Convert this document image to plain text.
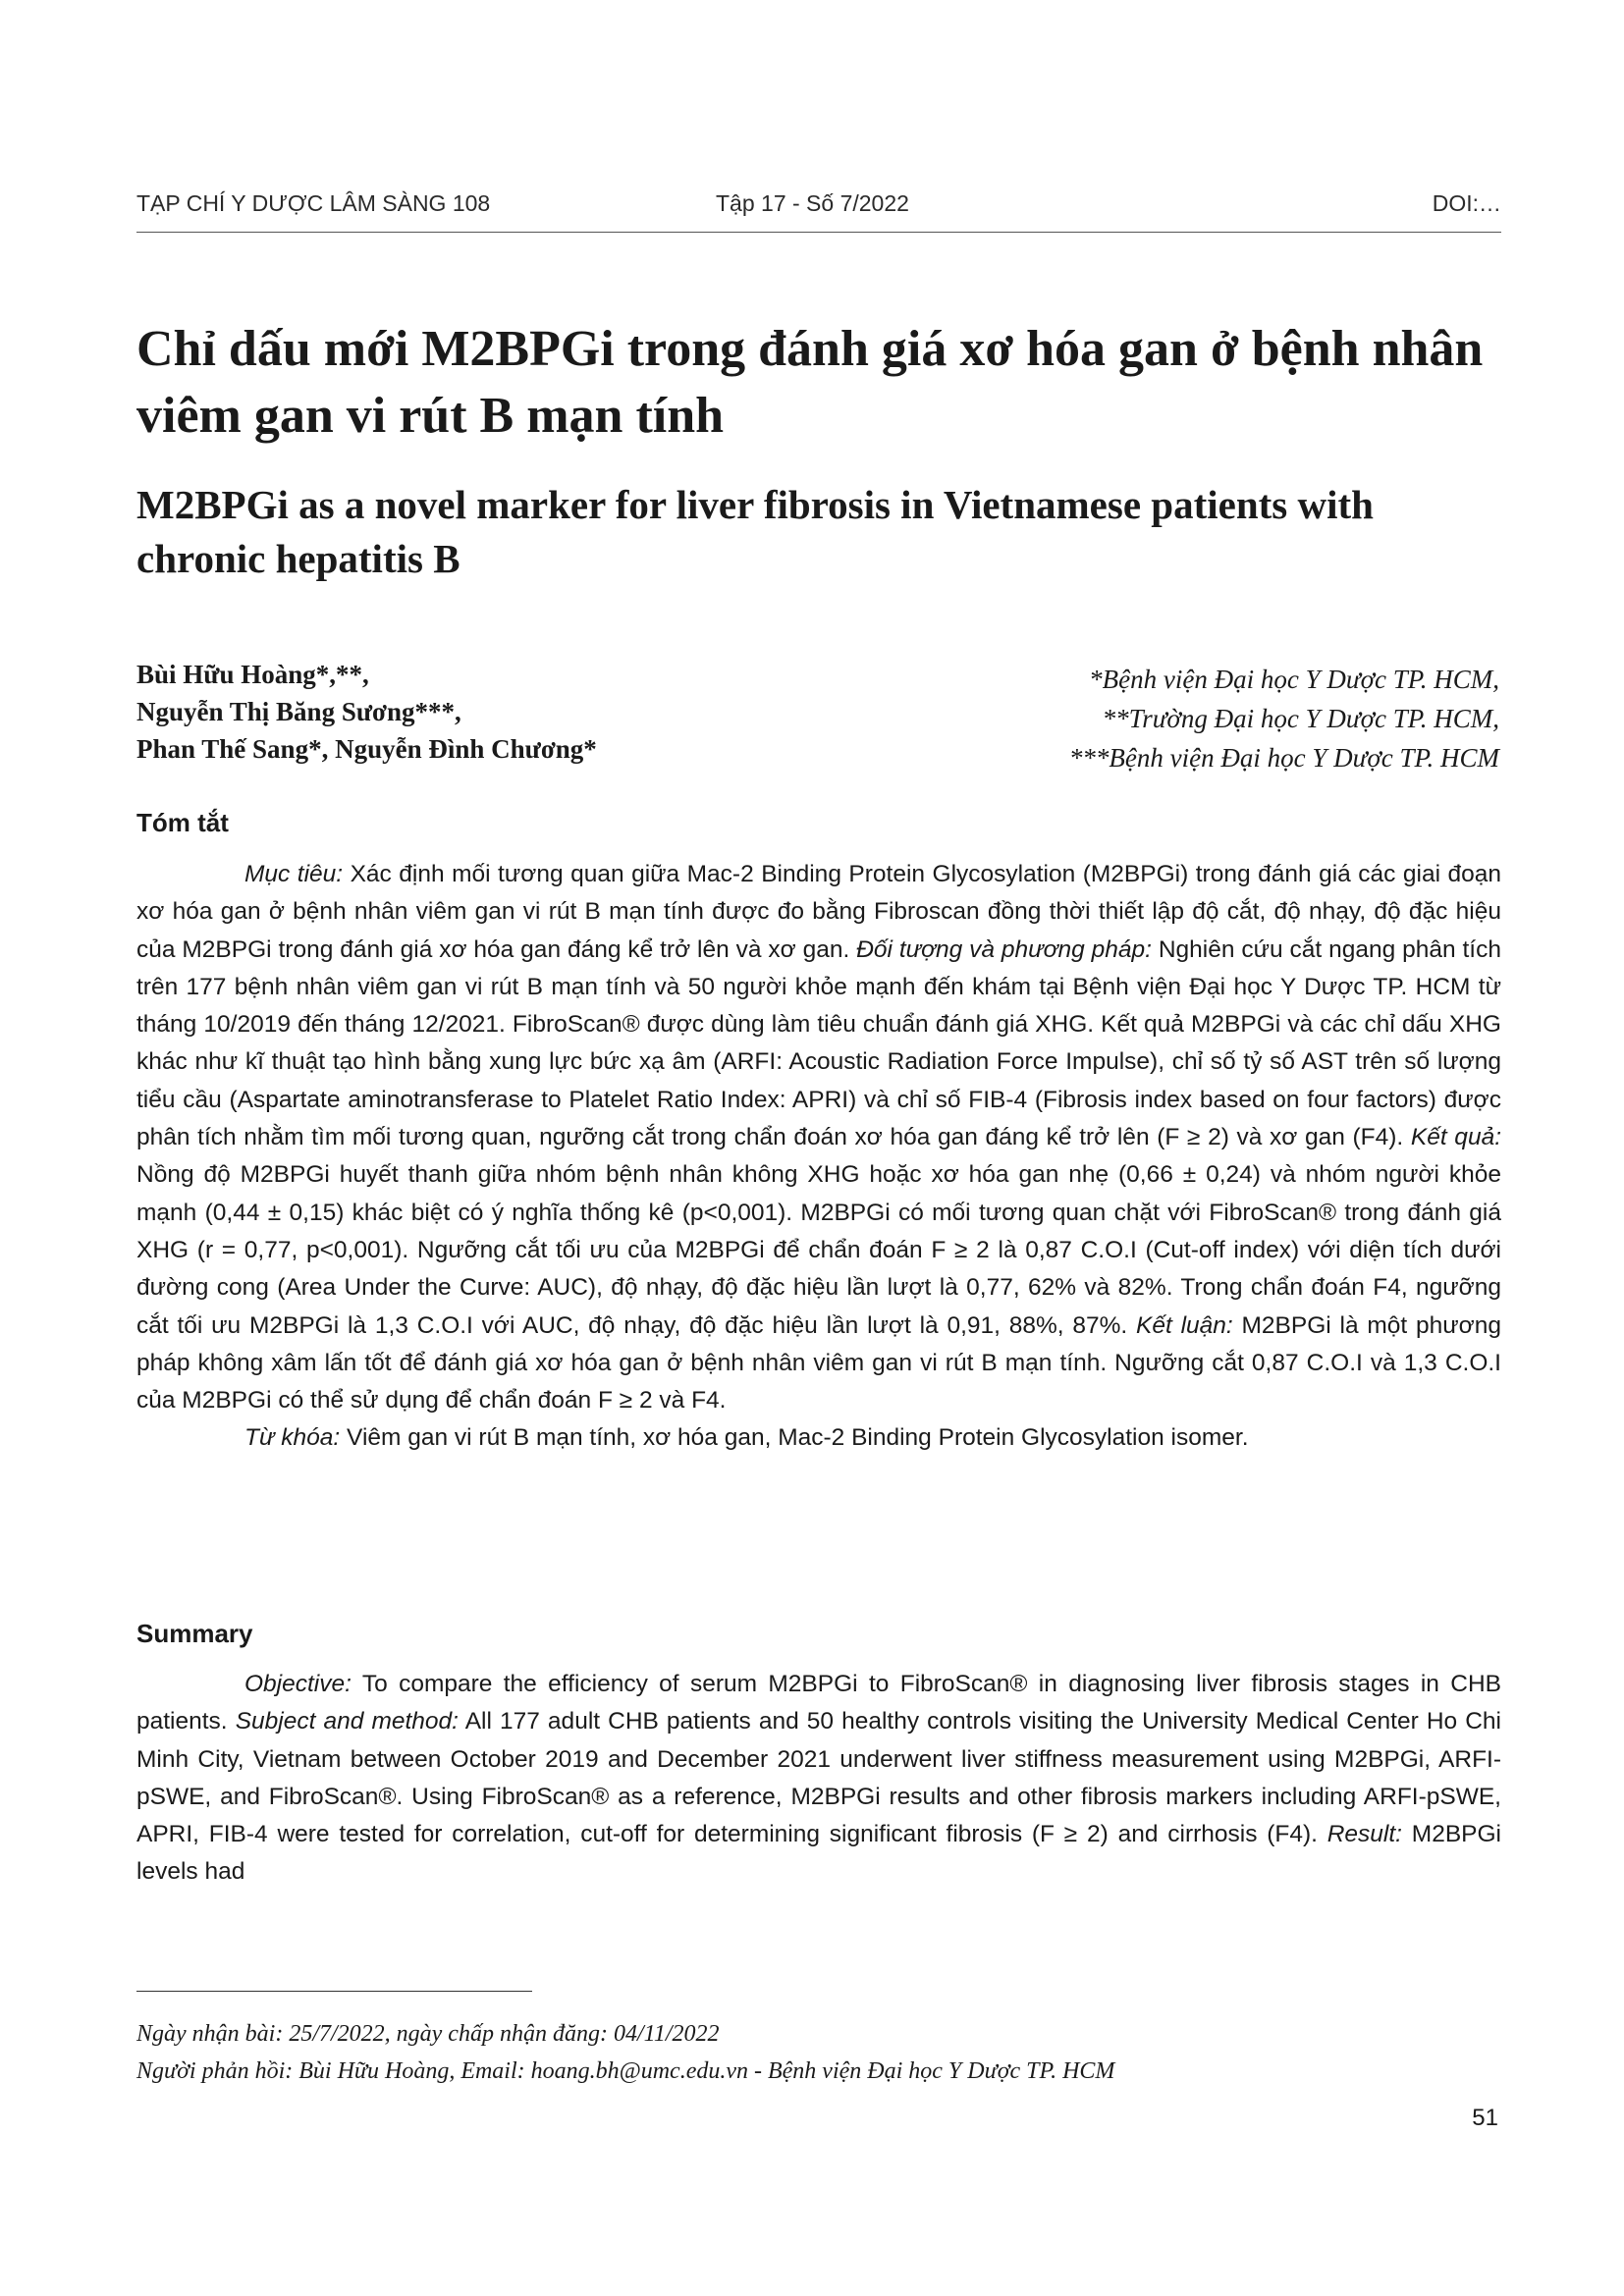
TẠP CHÍ Y DƯỢC LÂM SÀNG 108	Tập 17 - Số 7/2022	DOI:…
Chỉ dấu mới M2BPGi trong đánh giá xơ hóa gan ở bệnh nhân viêm gan vi rút B mạn tính
M2BPGi as a novel marker for liver fibrosis in Vietnamese patients with chronic hepatitis B
Bùi Hữu Hoàng*,**,
Nguyễn Thị Băng Sương***,
Phan Thế Sang*, Nguyễn Đình Chương*
*Bệnh viện Đại học Y Dược TP. HCM,
**Trường Đại học Y Dược TP. HCM,
***Bệnh viện Đại học Y Dược TP. HCM
Tóm tắt

Mục tiêu: Xác định mối tương quan giữa Mac-2 Binding Protein Glycosylation (M2BPGi) trong đánh giá các giai đoạn xơ hóa gan ở bệnh nhân viêm gan vi rút B mạn tính được đo bằng Fibroscan đồng thời thiết lập độ cắt, độ nhạy, độ đặc hiệu của M2BPGi trong đánh giá xơ hóa gan đáng kể trở lên và xơ gan. Đối tượng và phương pháp: Nghiên cứu cắt ngang phân tích trên 177 bệnh nhân viêm gan vi rút B mạn tính và 50 người khỏe mạnh đến khám tại Bệnh viện Đại học Y Dược TP. HCM từ tháng 10/2019 đến tháng 12/2021. FibroScan® được dùng làm tiêu chuẩn đánh giá XHG. Kết quả M2BPGi và các chỉ dấu XHG khác như kĩ thuật tạo hình bằng xung lực bức xạ âm (ARFI: Acoustic Radiation Force Impulse), chỉ số tỷ số AST trên số lượng tiểu cầu (Aspartate aminotransferase to Platelet Ratio Index: APRI) và chỉ số FIB-4 (Fibrosis index based on four factors) được phân tích nhằm tìm mối tương quan, ngưỡng cắt trong chẩn đoán xơ hóa gan đáng kể trở lên (F ≥ 2) và xơ gan (F4). Kết quả: Nồng độ M2BPGi huyết thanh giữa nhóm bệnh nhân không XHG hoặc xơ hóa gan nhẹ (0,66 ± 0,24) và nhóm người khỏe mạnh (0,44 ± 0,15) khác biệt có ý nghĩa thống kê (p<0,001). M2BPGi có mối tương quan chặt với FibroScan® trong đánh giá XHG (r = 0,77, p<0,001). Ngưỡng cắt tối ưu của M2BPGi để chẩn đoán F ≥ 2 là 0,87 C.O.I (Cut-off index) với diện tích dưới đường cong (Area Under the Curve: AUC), độ nhạy, độ đặc hiệu lần lượt là 0,77, 62% và 82%. Trong chẩn đoán F4, ngưỡng cắt tối ưu M2BPGi là 1,3 C.O.I với AUC, độ nhạy, độ đặc hiệu lần lượt là 0,91, 88%, 87%. Kết luận: M2BPGi là một phương pháp không xâm lấn tốt để đánh giá xơ hóa gan ở bệnh nhân viêm gan vi rút B mạn tính. Ngưỡng cắt 0,87 C.O.I và 1,3 C.O.I của M2BPGi có thể sử dụng để chẩn đoán F ≥ 2 và F4.

Từ khóa: Viêm gan vi rút B mạn tính, xơ hóa gan, Mac-2 Binding Protein Glycosylation isomer.

Summary

Objective: To compare the efficiency of serum M2BPGi to FibroScan® in diagnosing liver fibrosis stages in CHB patients. Subject and method: All 177 adult CHB patients and 50 healthy controls visiting the University Medical Center Ho Chi Minh City, Vietnam between October 2019 and December 2021 underwent liver stiffness measurement using M2BPGi, ARFI-pSWE, and FibroScan®. Using FibroScan® as a reference, M2BPGi results and other fibrosis markers including ARFI-pSWE, APRI, FIB-4 were tested for correlation, cut-off for determining significant fibrosis (F ≥ 2) and cirrhosis (F4). Result: M2BPGi levels had

Ngày nhận bài: 25/7/2022, ngày chấp nhận đăng: 04/11/2022
Người phản hồi: Bùi Hữu Hoàng, Email: hoang.bh@umc.edu.vn - Bệnh viện Đại học Y Dược TP. HCM
51
